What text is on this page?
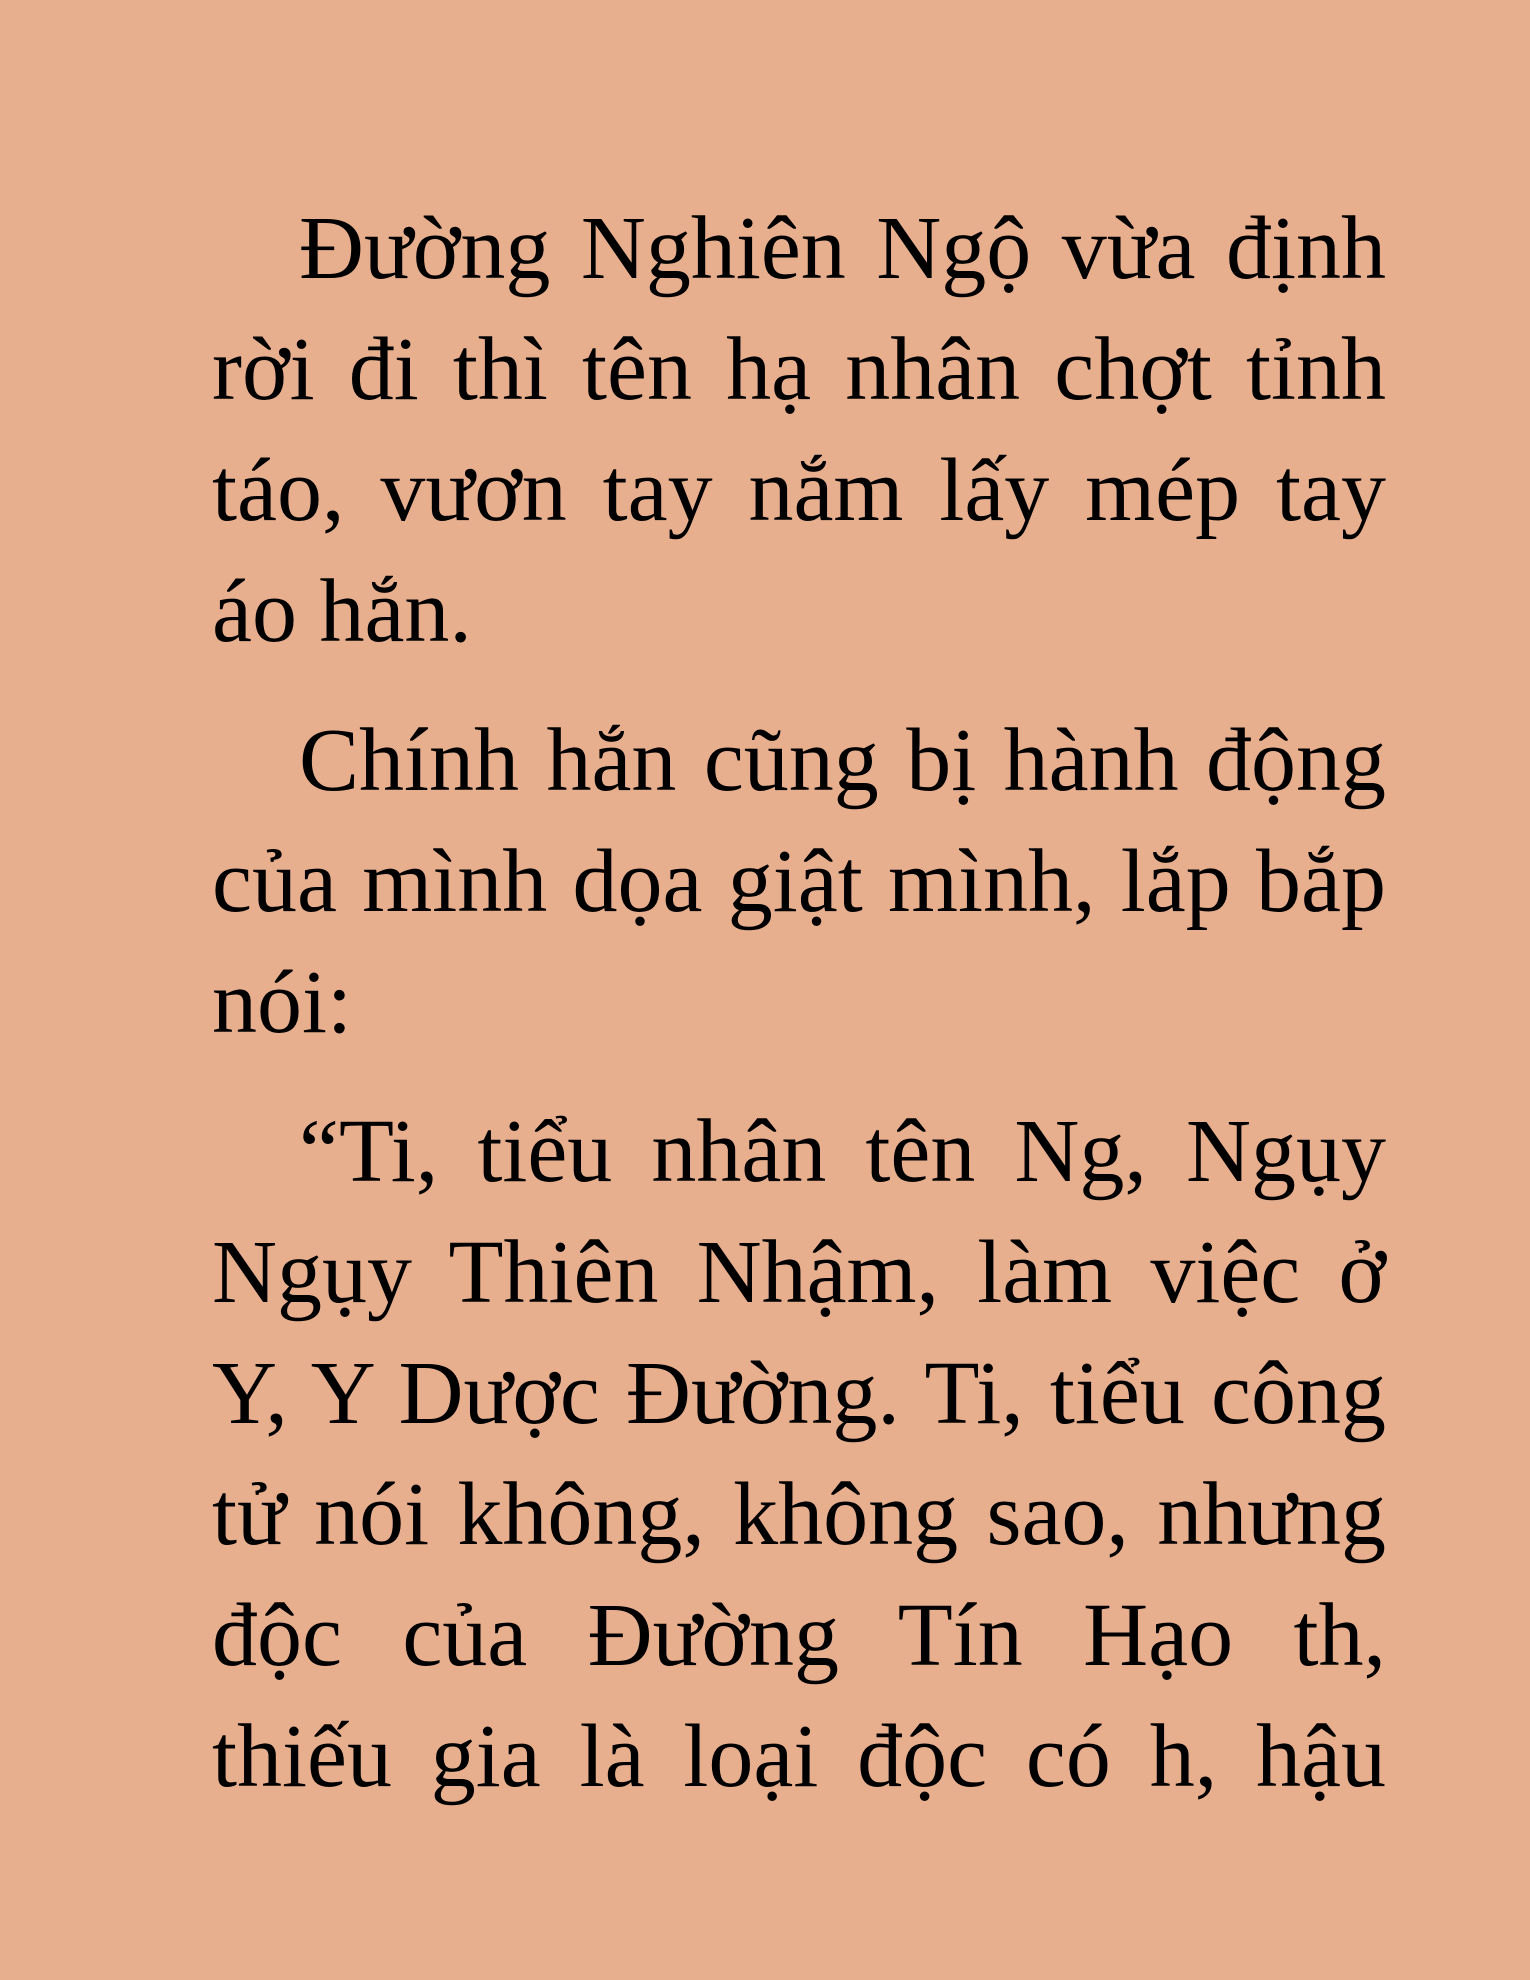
Đường Nghiên Ngộ vừa định
rời đi thì tên hạ nhân chợt tỉnh
táo, vươn tay nắm lấy mép tay
áo hắn.
Chính hắn cũng bị hành động
của mình dọa giật mình, lắp bắp
nói:
“Ti, tiểu nhân tên Ng, Ngụy
Ngụy Thiên Nhậm, làm việc ở
Y, Y Dược Đường. Ti, tiểu công
tử nói không, không sao, nhưng
độc của Đường Tín Hạo th,
thiếu gia là loại độc có h, hậu
